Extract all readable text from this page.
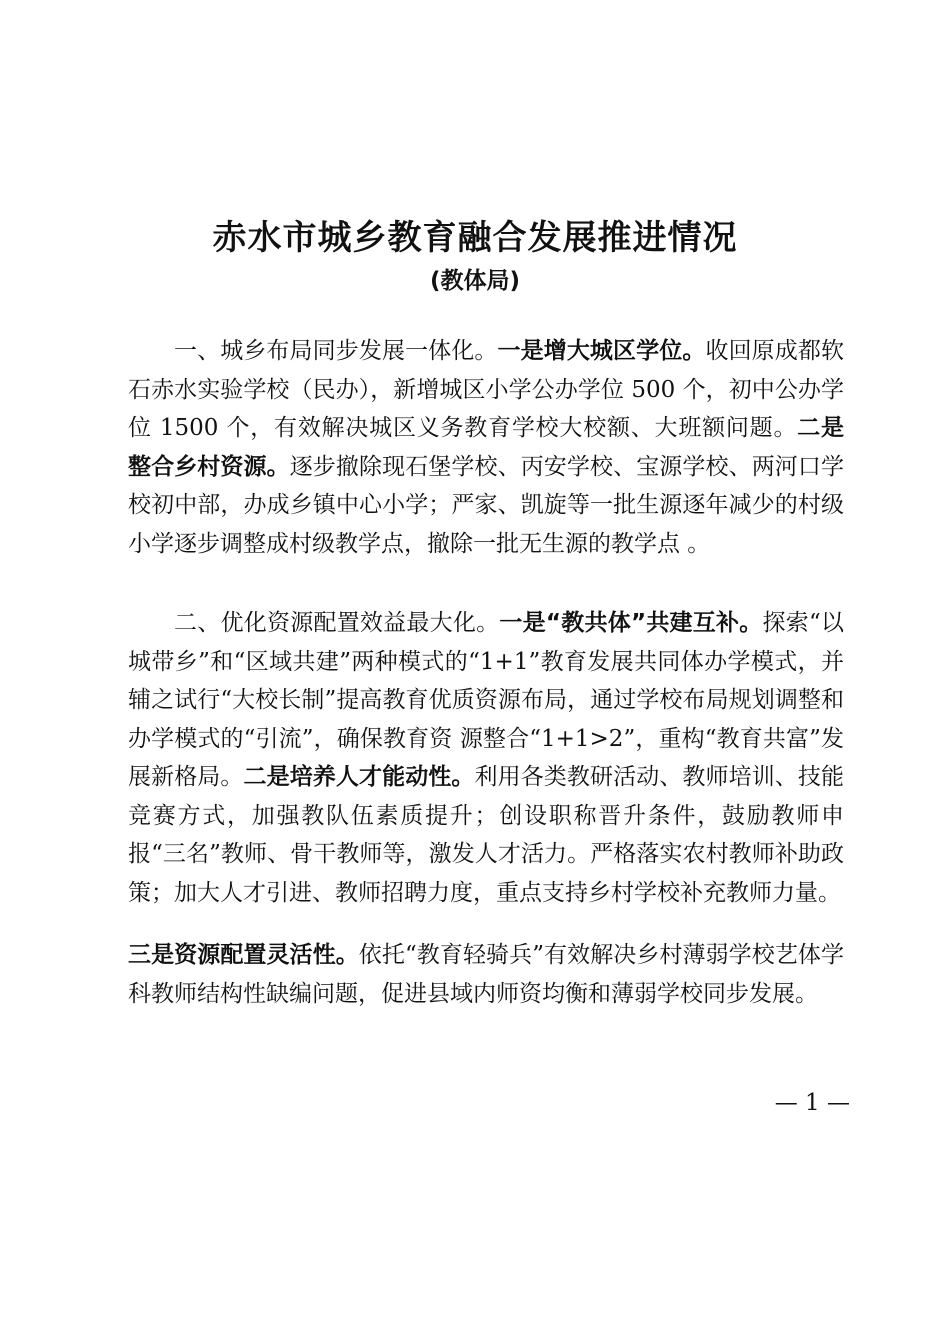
赤水市城乡教育融合发展推进情况
(教体局)

一、城乡布局同步发展一体化。一是增大城区学位。收回原成都软石赤水实验学校（民办），新增城区小学公办学位 500 个，初中公办学位 1500 个，有效解决城区义务教育学校大校额、大班额问题。二是整合乡村资源。逐步撤除现石堡学校、丙安学校、宝源学校、两河口学校初中部，办成乡镇中心小学；严家、凯旋等一批生源逐年减少的村级小学逐步调整成村级教学点，撤除一批无生源的教学点 。

二、优化资源配置效益最大化。一是“教共体”共建互补。探索“以城带乡”和“区域共建”两种模式的“1+1”教育发展共同体办学模式，并辅之试行“大校长制”提高教育优质资源布局，通过学校布局规划调整和办学模式的“引流”，确保教育资 源整合“1+1>2”，重构“教育共富”发展新格局。二是培养人才能动性。利用各类教研活动、教师培训、技能竞赛方式，加强教队伍素质提升；创设职称晋升条件，鼓励教师申报“三名”教师、骨干教师等，激发人才活力。严格落实农村教师补助政策；加大人才引进、教师招聘力度，重点支持乡村学校补充教师力量。

三是资源配置灵活性。依托“教育轻骑兵”有效解决乡村薄弱学校艺体学科教师结构性缺编问题，促进县域内师资均衡和薄弱学校同步发展。

— 1 —
